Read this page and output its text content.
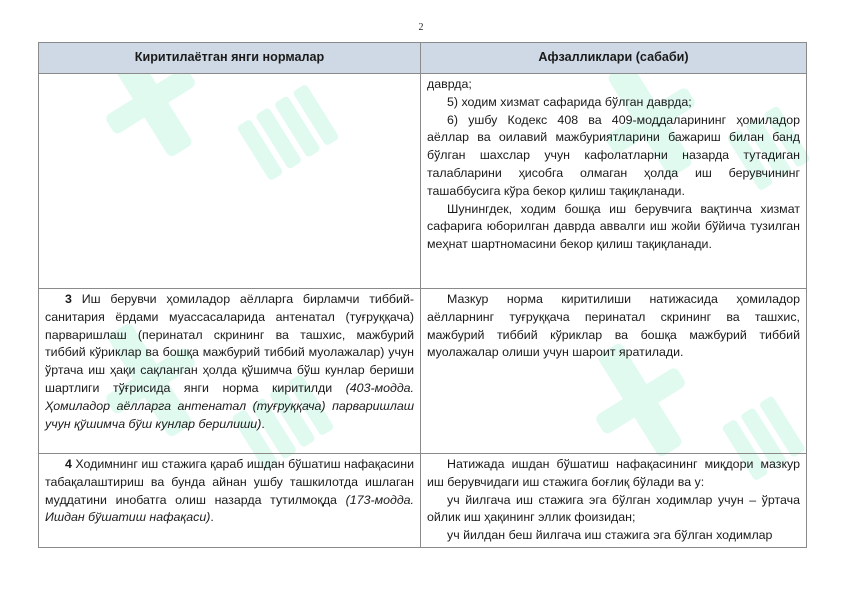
2
Киритилаётган янги нормалар	Афзалликлари (сабаби)

	даврда;

5) ходим хизмат сафарида бўлган даврда;

6) ушбу Кодекс 408 ва 409-моддаларининг ҳомиладор аёллар ва оилавий мажбуриятларини бажариш билан банд бўлган шахслар учун кафолатларни назарда тутадиган талабларини ҳисобга олмаган ҳолда иш берувчининг ташаббусига кўра бекор қилиш тақиқланади.

Шунингдек, ходим бошқа иш берувчига вақтинча хизмат сафарига юборилган даврда аввалги иш жойи бўйича тузилган меҳнат шартномасини бекор қилиш тақиқланади.

3 Иш берувчи ҳомиладор аёлларга бирламчи тиббий-санитария ёрдами муассасаларида антенатал (туғруққача) парваришлаш (перинатал скрининг ва ташхис, мажбурий тиббий кўриклар ва бошқа мажбурий тиббий муолажалар) учун ўртача иш ҳақи сақланган ҳолда қўшимча бўш кунлар бериши шартлиги тўғрисида янги норма киритилди (403-модда. Ҳомиладор аёлларга антенатал (туғруққача) парваришлаш учун қўшимча бўш кунлар берилиши).	Мазкур норма киритилиши натижасида ҳомиладор аёлларнинг туғруққача перинатал скрининг ва ташхис, мажбурий тиббий кўриклар ва бошқа мажбурий тиббий муолажалар олиши учун шароит яратилади.

4 Ходимнинг иш стажига қараб ишдан бўшатиш нафақасини табақалаштириш ва бунда айнан ушбу ташкилотда ишлаган муддатини инобатга олиш назарда тутилмоқда (173-модда. Ишдан бўшатиш нафақаси).	Натижада ишдан бўшатиш нафақасининг миқдори мазкур иш берувчидаги иш стажига боғлиқ бўлади ва у:

уч йилгача иш стажига эга бўлган ходимлар учун – ўртача ойлик иш ҳақининг эллик фоизидан;

уч йилдан беш йилгача иш стажига эга бўлган ходимлар
